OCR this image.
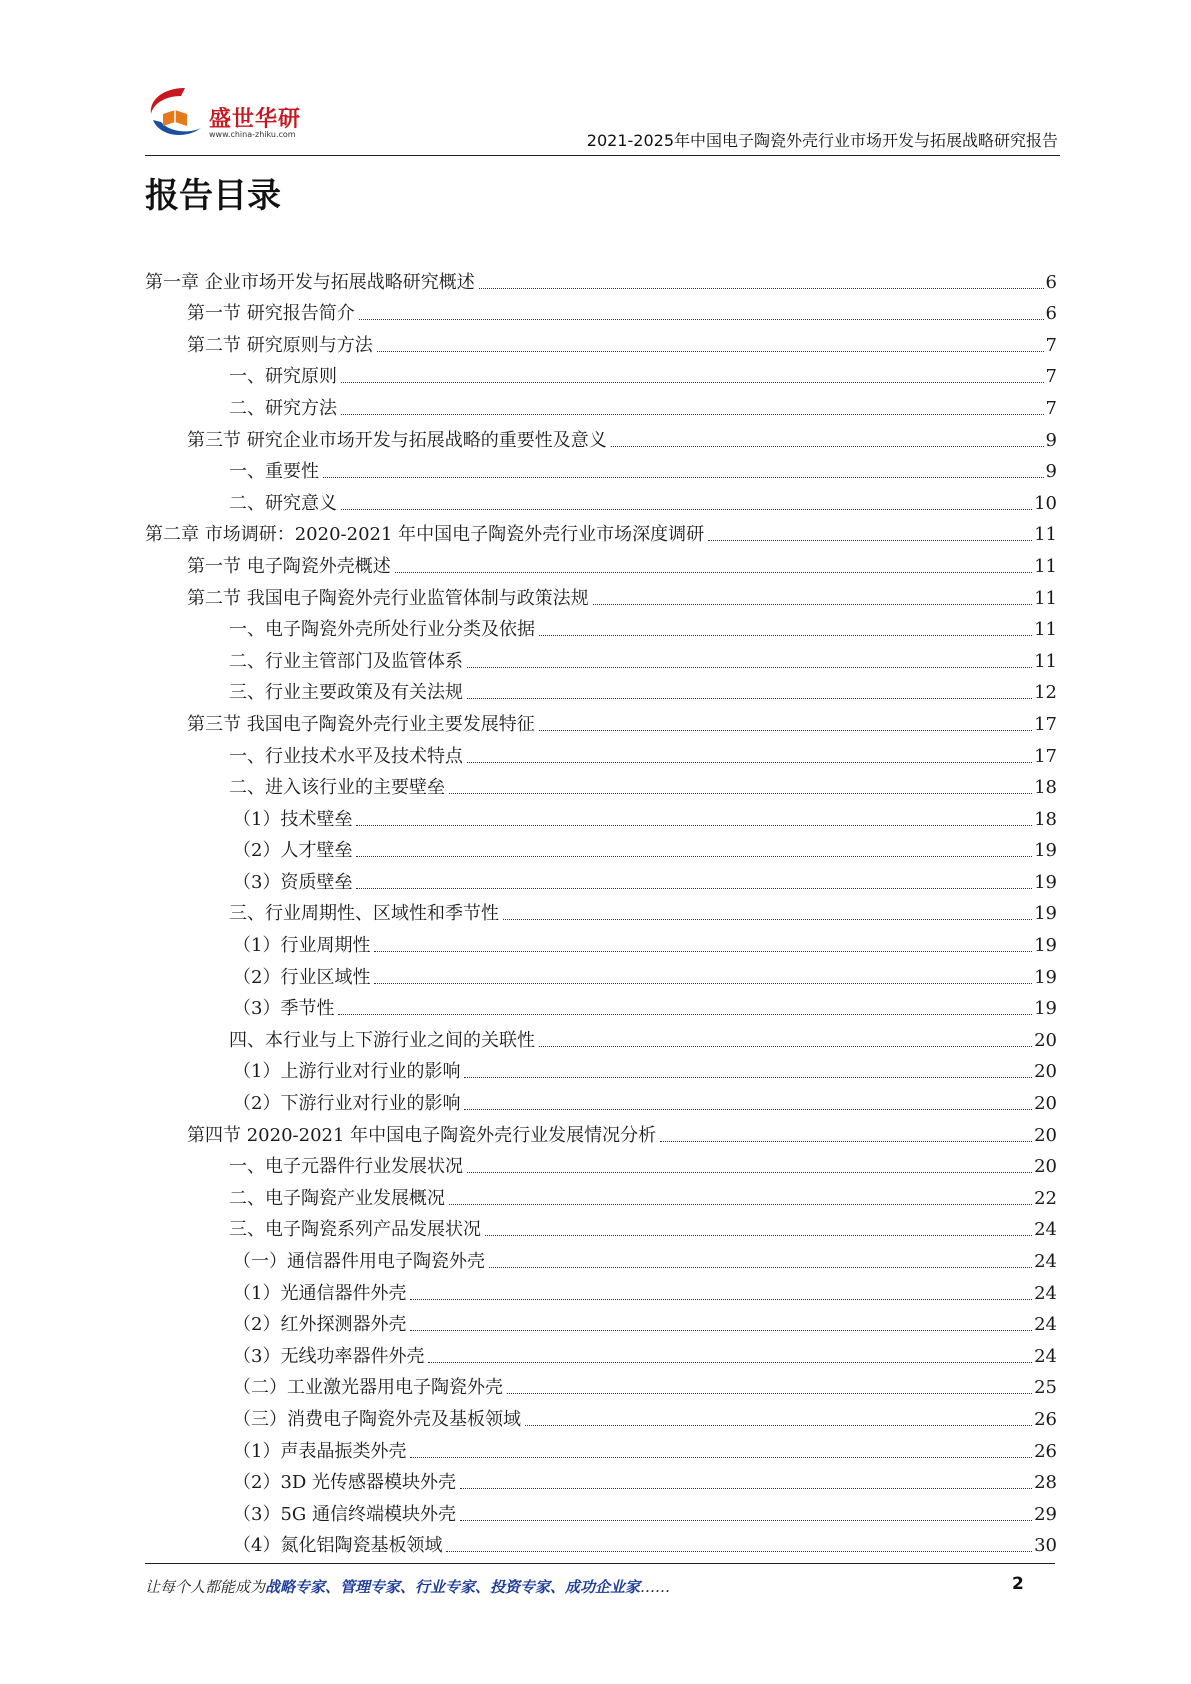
盛世华研
www.china-zhiku.com	2021-2025年中国电子陶瓷外壳行业市场开发与拓展战略研究报告
报告目录
第一章 企业市场开发与拓展战略研究概述	6
第一节 研究报告简介	6
第二节 研究原则与方法	7
一、研究原则	7
二、研究方法	7
第三节 研究企业市场开发与拓展战略的重要性及意义	9
一、重要性	9
二、研究意义	10
第二章 市场调研：2020-2021 年中国电子陶瓷外壳行业市场深度调研	11
第一节 电子陶瓷外壳概述	11
第二节 我国电子陶瓷外壳行业监管体制与政策法规	11
一、电子陶瓷外壳所处行业分类及依据	11
二、行业主管部门及监管体系	11
三、行业主要政策及有关法规	12
第三节 我国电子陶瓷外壳行业主要发展特征	17
一、行业技术水平及技术特点	17
二、进入该行业的主要壁垒	18
（1）技术壁垒	18
（2）人才壁垒	19
（3）资质壁垒	19
三、行业周期性、区域性和季节性	19
（1）行业周期性	19
（2）行业区域性	19
（3）季节性	19
四、本行业与上下游行业之间的关联性	20
（1）上游行业对行业的影响	20
（2）下游行业对行业的影响	20
第四节 2020-2021 年中国电子陶瓷外壳行业发展情况分析	20
一、电子元器件行业发展状况	20
二、电子陶瓷产业发展概况	22
三、电子陶瓷系列产品发展状况	24
（一）通信器件用电子陶瓷外壳	24
（1）光通信器件外壳	24
（2）红外探测器外壳	24
（3）无线功率器件外壳	24
（二）工业激光器用电子陶瓷外壳	25
（三）消费电子陶瓷外壳及基板领域	26
（1）声表晶振类外壳	26
（2）3D 光传感器模块外壳	28
（3）5G 通信终端模块外壳	29
（4）氮化铝陶瓷基板领域	30
让每个人都能成为战略专家、管理专家、行业专家、投资专家、成功企业家……	2
